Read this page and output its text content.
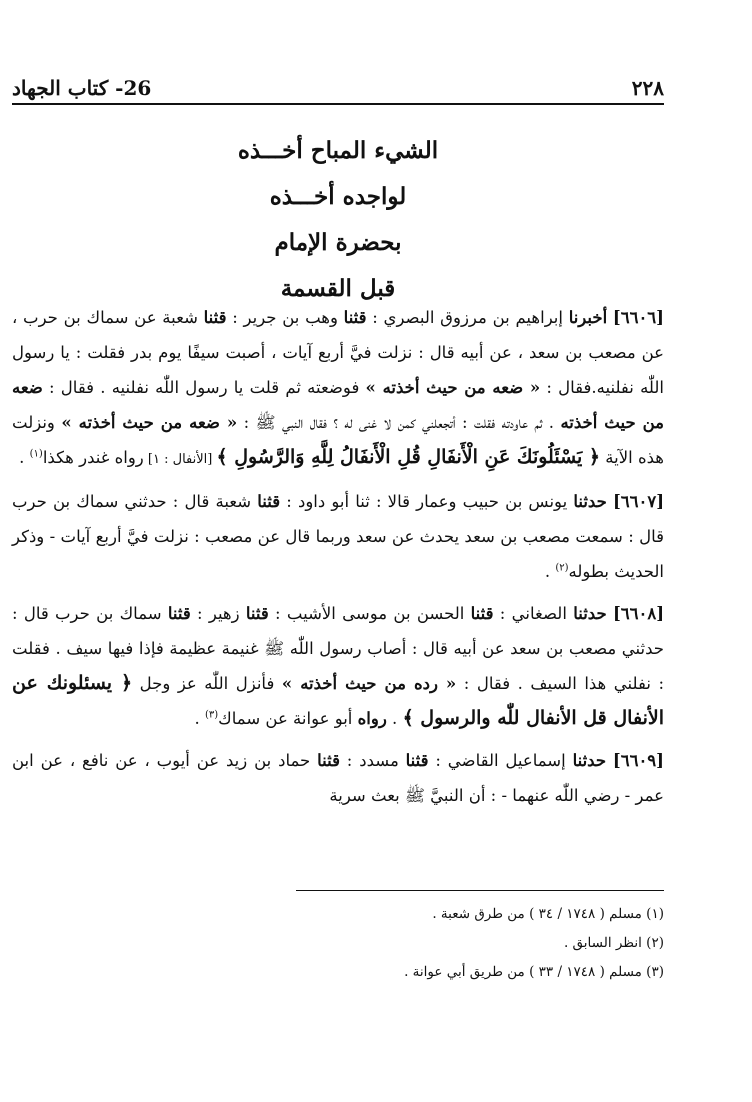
26- كتاب الجهاد	٢٢٨
الشيء المباح أخـــذه
لواجده أخـــذه
بحضرة الإمام
قبل القسمة

[٦٦٠٦] أخبرنا إبراهيم بن مرزوق البصري : قثنا وهب بن جرير : قثنا شعبة عن سماك بن حرب ، عن مصعب بن سعد ، عن أبيه قال : نزلت فيَّ أربع آيات ، أصبت سيفًا يوم بدر فقلت : يا رسول اللّٰه نفلنيه.فقال : « ضعه من حيث أخذته » فوضعته ثم قلت يا رسول اللّٰه نفلنيه . فقال : ضعه من حيث أخذته . ثم عاودته فقلت : أتجعلني كمن لا غنى له ؟ فقال النبي ﷺ : « ضعه من حيث أخذته » ونزلت هذه الآية ﴿ يَسْئَلُونَكَ عَنِ الْأَنفَالِ قُلِ الْأَنفَالُ لِلَّهِ وَالرَّسُولِ ﴾ [الأنفال : ١] رواه غندر هكذا$^{(١)}$ .

[٦٦٠٧] حدثنا يونس بن حبيب وعمار قالا : ثنا أبو داود : قثنا شعبة قال : حدثني سماك بن حرب قال : سمعت مصعب بن سعد يحدث عن سعد وربما قال عن مصعب : نزلت فيَّ أربع آيات - وذكر الحديث بطوله$^{(٢)}$ .

[٦٦٠٨] حدثنا الصغاني : قثنا الحسن بن موسى الأشيب : قثنا زهير : قثنا سماك بن حرب قال : حدثني مصعب بن سعد عن أبيه قال : أصاب رسول اللّٰه ﷺ غنيمة عظيمة فإذا فيها سيف . فقلت : نفلني هذا السيف . فقال : « رده من حيث أخذته » فأنزل اللّٰه عز وجل ﴿ يسئلونك عن الأنفال قل الأنفال للّٰه والرسول ﴾ . رواه أبو عوانة عن سماك$^{(٣)}$ .

[٦٦٠٩] حدثنا إسماعيل القاضي : قثنا مسدد : قثنا حماد بن زيد عن أيوب ، عن نافع ، عن ابن عمر - رضي اللّٰه عنهما - : أن النبيَّ ﷺ بعث سرية

(١) مسلم ( ١٧٤٨ / ٣٤ ) من طرق شعبة .
(٢) انظر السابق .
(٣) مسلم ( ١٧٤٨ / ٣٣ ) من طريق أبي عوانة .
